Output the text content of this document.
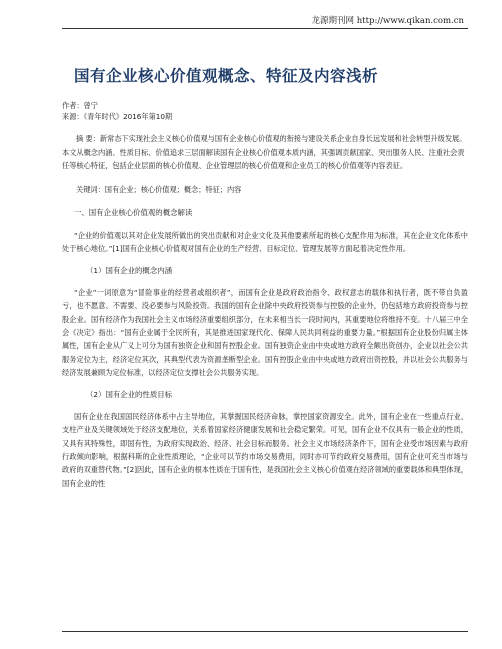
龙源期刊网 http://www.qikan.com.cn
国有企业核心价值观概念、特征及内容浅析
作者：曾宁
来源：《青年时代》2016年第10期

摘 要：新常态下实现社会主义核心价值观与国有企业核心价值观的衔接与建设关系企业自身长远发展和社会转型升级发展。本文从概念内涵、性质目标、价值追求三层面解读国有企业核心价值观本质内涵，其强调贡献国家、突出服务人民、注重社会责任等核心特征，包括企业层面的核心价值观、企业管理层的核心价值观和企业员工的核心价值观等内容表征。

关键词：国有企业；核心价值观；概念；特征；内容

一、国有企业核心价值观的概念解读

“企业的价值观以其对企业发展所做出的突出贡献和对企业文化及其他要素所起的核心支配作用为标准，其在企业文化体系中处于核心地位。”[1]国有企业核心价值观对国有企业的生产经营、目标定位、管理发展等方面起着决定性作用。

（1）国有企业的概念内涵

“企业”一词原意为“冒险事业的经营者或组织者”，而国有企业是政府政治指令、政权意志的载体和执行者，既不带自负盈亏，也不愿意、不需要、没必要参与风险投资。我国的国有企业除中央政府投资参与控股的企业外，仍包括地方政府投资参与控股企业。国有经济作为我国社会主义市场经济重要组织部分，在未来相当长一段时间内，其重要地位将维持不变。十八届三中全会《决定》指出：“国有企业属于全民所有，其是推进国家现代化、保障人民共同利益的重要力量。”根据国有企业股份归属主体属性，国有企业从广义上可分为国有独资企业和国有控股企业。国有独资企业由中央或地方政府全额出资创办，企业以社会公共服务定位为主，经济定位其次，其典型代表为资源垄断型企业。国有控股企业由中央或地方政府出资控股，并以社会公共服务与经济发展兼顾为定位标准，以经济定位支撑社会公共服务实现。

（2）国有企业的性质目标

国有企业在我国国民经济体系中占主导地位，其掌握国民经济命脉，掌控国家资源安全。此外，国有企业在一些重点行业、支柱产业及关键领域处于经济支配地位，关系着国家经济健康发展和社会稳定繁荣。可见，国有企业不仅具有一般企业的性质，又具有其特殊性，即国有性，为政府实现政治、经济、社会目标而服务。社会主义市场经济条件下，国有企业受市场因素与政府行政倾向影响，根据科斯的企业性质理论，“企业可以节约市场交易费用，同时亦可节约政府交易费用，国有企业可充当市场与政府的双重替代物。”[2]因此，国有企业的根本性质在于国有性，是我国社会主义核心价值观在经济领域的重要载体和典型体现，国有企业的性
